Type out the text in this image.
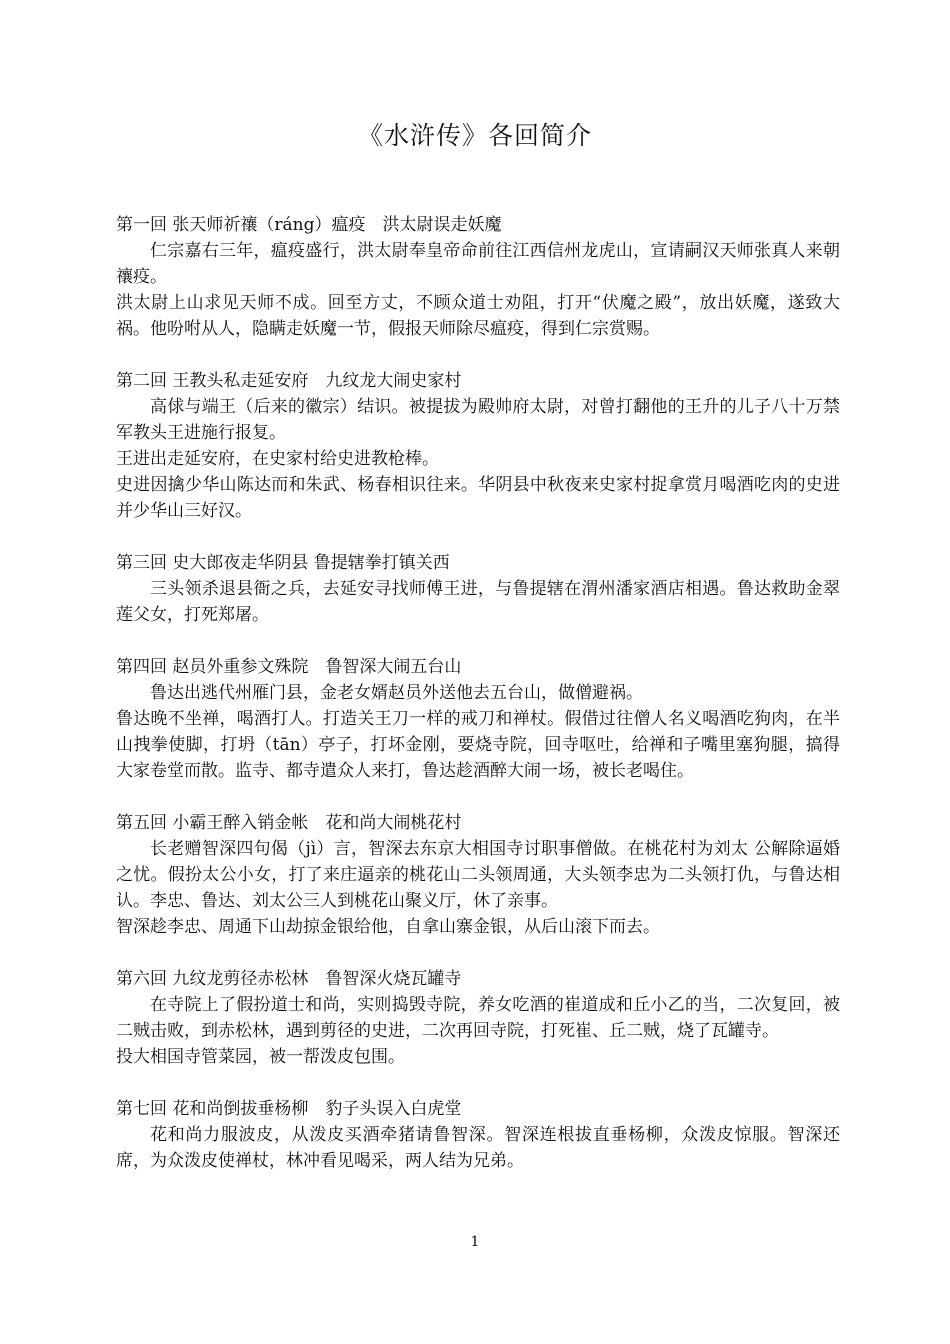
《水浒传》各回简介
第一回 张天师祈禳（ráng）瘟疫　洪太尉误走妖魔
仁宗嘉右三年，瘟疫盛行，洪太尉奉皇帝命前往江西信州龙虎山，宣请嗣汉天师张真人来朝禳疫。
洪太尉上山求见天师不成。回至方丈，不顾众道士劝阻，打开“伏魔之殿”，放出妖魔，遂致大祸。他吩咐从人，隐瞒走妖魔一节，假报天师除尽瘟疫，得到仁宗赏赐。
第二回 王教头私走延安府　九纹龙大闹史家村
高俅与端王（后来的徽宗）结识。被提拔为殿帅府太尉，对曾打翻他的王升的儿子八十万禁军教头王进施行报复。
王进出走延安府，在史家村给史进教枪棒。
史进因擒少华山陈达而和朱武、杨春相识往来。华阴县中秋夜来史家村捉拿赏月喝酒吃肉的史进并少华山三好汉。
第三回 史大郎夜走华阴县 鲁提辖拳打镇关西
三头领杀退县衙之兵，去延安寻找师傅王进，与鲁提辖在渭州潘家酒店相遇。鲁达救助金翠莲父女，打死郑屠。
第四回 赵员外重参文殊院　鲁智深大闹五台山
鲁达出逃代州雁门县，金老女婿赵员外送他去五台山，做僧避祸。
鲁达晚不坐禅，喝酒打人。打造关王刀一样的戒刀和禅杖。假借过往僧人名义喝酒吃狗肉，在半山拽拳使脚，打坍（tān）亭子，打坏金刚，要烧寺院，回寺呕吐，给禅和子嘴里塞狗腿，搞得大家卷堂而散。监寺、都寺遣众人来打，鲁达趁酒醉大闹一场，被长老喝住。
第五回 小霸王醉入销金帐　花和尚大闹桃花村
长老赠智深四句偈（jì）言，智深去东京大相国寺讨职事僧做。在桃花村为刘太 公解除逼婚之忧。假扮太公小女，打了来庄逼亲的桃花山二头领周通，大头领李忠为二头领打仇，与鲁达相认。李忠、鲁达、刘太公三人到桃花山聚义厅，休了亲事。
智深趁李忠、周通下山劫掠金银给他，自拿山寨金银，从后山滚下而去。
第六回 九纹龙剪径赤松林　鲁智深火烧瓦罐寺
在寺院上了假扮道士和尚，实则捣毁寺院，养女吃酒的崔道成和丘小乙的当，二次复回，被二贼击败，到赤松林，遇到剪径的史进，二次再回寺院，打死崔、丘二贼，烧了瓦罐寺。
投大相国寺管菜园，被一帮泼皮包围。
第七回 花和尚倒拔垂杨柳　豹子头误入白虎堂
花和尚力服波皮，从泼皮买酒牵猪请鲁智深。智深连根拔直垂杨柳，众泼皮惊服。智深还席，为众泼皮使禅杖，林冲看见喝采，两人结为兄弟。
1
